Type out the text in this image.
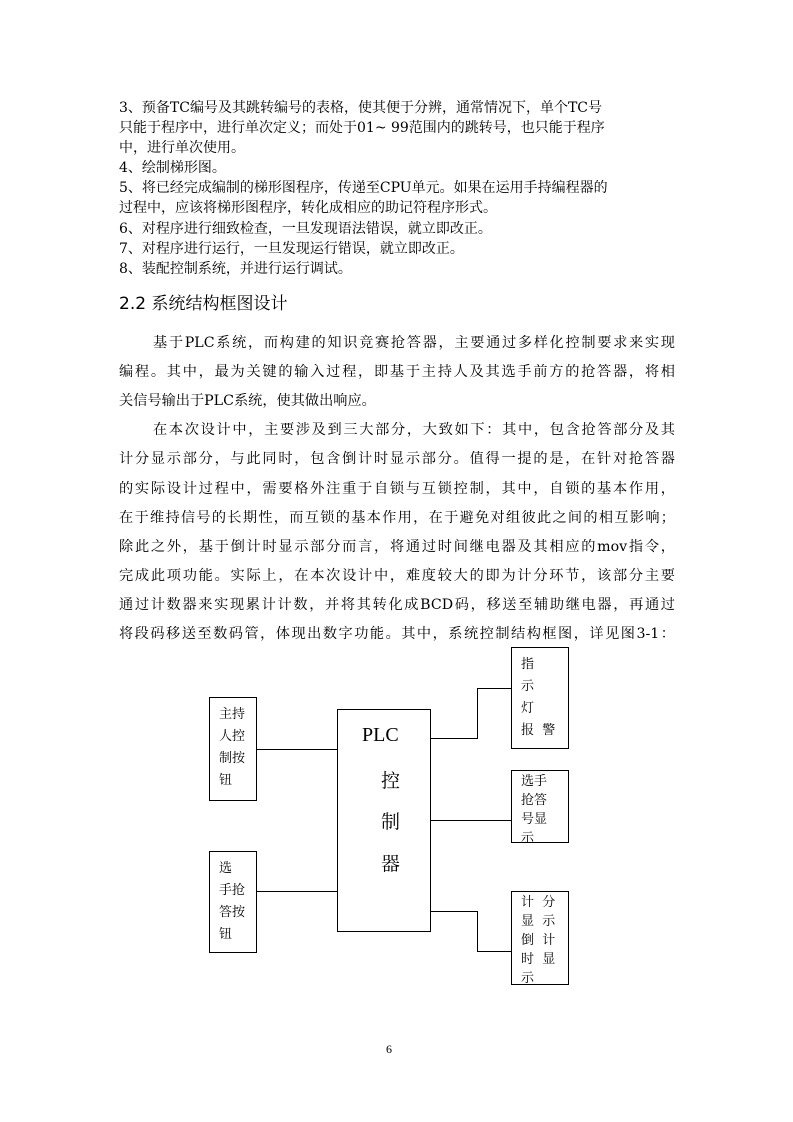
3、预备TC编号及其跳转编号的表格，使其便于分辨，通常情况下，单个TC号
只能于程序中，进行单次定义；而处于01~ 99范围内的跳转号，也只能于程序
中，进行单次使用。
4、绘制梯形图。
5、将已经完成编制的梯形图程序，传递至CPU单元。如果在运用手持编程器的
过程中，应该将梯形图程序，转化成相应的助记符程序形式。
6、对程序进行细致检查，一旦发现语法错误，就立即改正。
7、对程序进行运行，一旦发现运行错误，就立即改正。
8、装配控制系统，并进行运行调试。
2.2 系统结构框图设计
基于PLC系统，而构建的知识竞赛抢答器，主要通过多样化控制要求来实现
编程。其中，最为关键的输入过程，即基于主持人及其选手前方的抢答器，将相
关信号输出于PLC系统，使其做出响应。
在本次设计中，主要涉及到三大部分，大致如下：其中，包含抢答部分及其
计分显示部分，与此同时，包含倒计时显示部分。值得一提的是，在针对抢答器
的实际设计过程中，需要格外注重于自锁与互锁控制，其中，自锁的基本作用，
在于维持信号的长期性，而互锁的基本作用，在于避免对组彼此之间的相互影响；
除此之外，基于倒计时显示部分而言，将通过时间继电器及其相应的mov指令，
完成此项功能。实际上，在本次设计中，难度较大的即为计分环节，该部分主要
通过计数器来实现累计计数，并将其转化成BCD码，移送至辅助继电器，再通过
将段码移送至数码管，体现出数字功能。其中，系统控制结构框图，详见图3-1：
主持
人控
制按
钮
选
手抢
答按
钮
PLC
控
制
器
指
示
灯
报  警
选手
抢答
号显
示
计  分
显  示
倒  计
时  显
示
6
